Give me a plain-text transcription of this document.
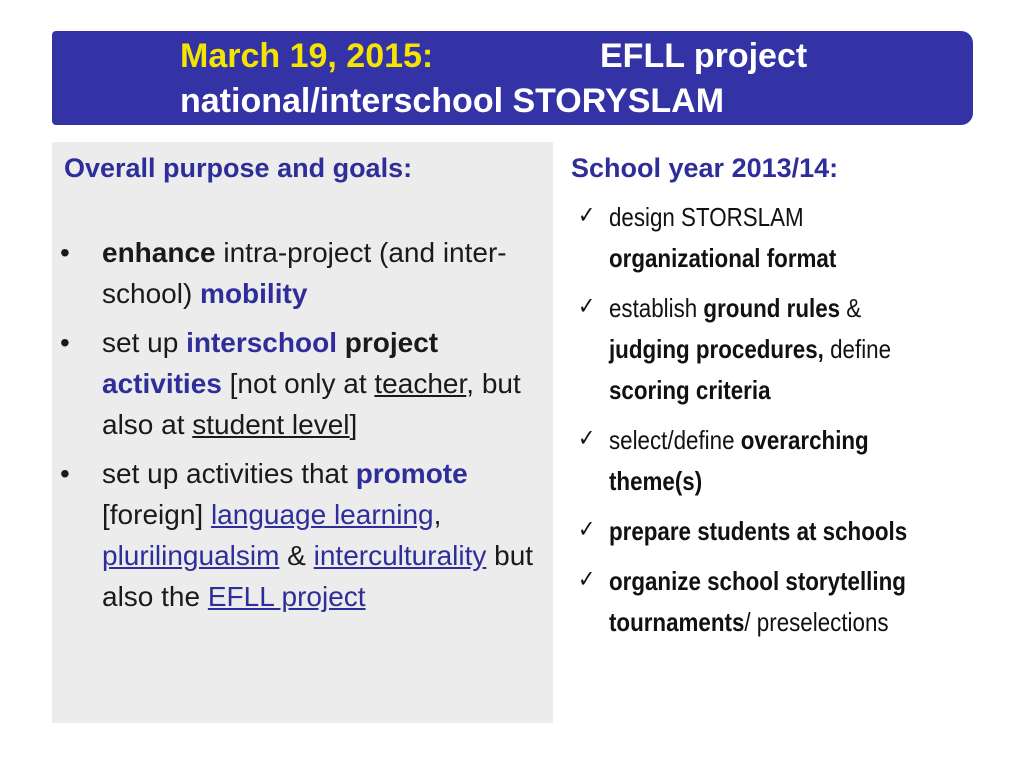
March 19, 2015:	EFLL project
national/interschool STORYSLAM
Overall purpose and goals:
• enhance intra-project (and inter-school) mobility
• set up interschool project activities [not only at teacher, but also at student level]
• set up activities that promote [foreign] language learning, plurilingualsim & interculturality but also the EFLL project
School year 2013/14:
✓ design STORSLAM organizational format
✓ establish ground rules & judging procedures, define scoring criteria
✓ select/define overarching theme(s)
✓ prepare students at schools
✓ organize school storytelling tournaments/ preselections
